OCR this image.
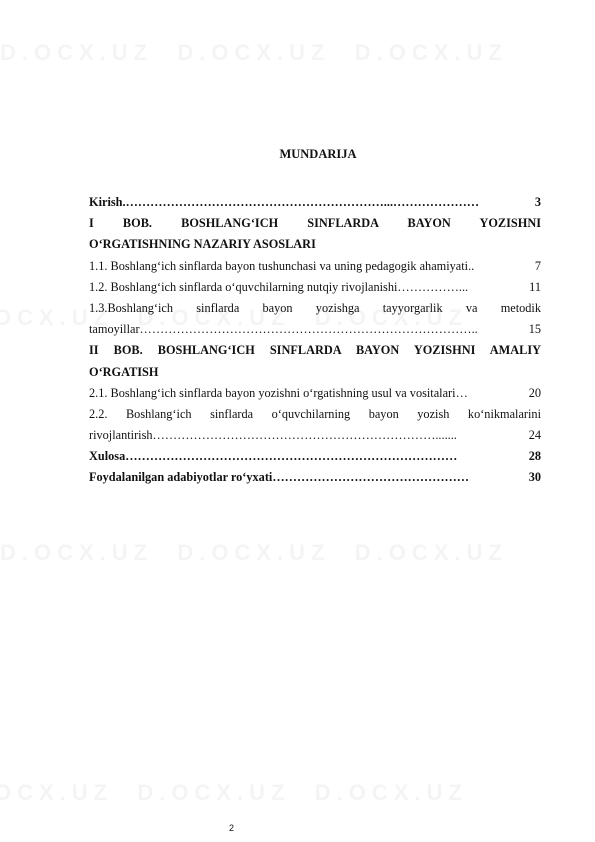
MUNDARIJA
Kirish. ………………………………………………………...…………………	3
I BOB. BOSHLANG‘ICH SINFLARDA BAYON YOZISHNI
O‘RGATISHNING NAZARIY ASOSLARI
1.1. Boshlang‘ich sinflarda bayon tushunchasi va uning pedagogik ahamiyati..	7
1.2. Boshlang‘ich sinflarda o‘quvchilarning nutqiy rivojlanishi ……………...	11
1.3.Boshlang‘ich sinflarda bayon yozishga tayyorgarlik va metodik
tamoyillar ………………………………………………………………………..	15
II BOB. BOSHLANG‘ICH SINFLARDA BAYON YOZISHNI AMALIY
O‘RGATISH
2.1. Boshlang‘ich sinflarda bayon yozishni o‘rgatishning usul va vositalari …	20
2.2. Boshlang‘ich sinflarda o‘quvchilarning bayon yozish ko‘nikmalarini
rivojlantirish …………………………………………………………….......	24
Xulosa ………………………………………………………………………	28
Foydalanilgan adabiyotlar ro‘yxati …………………………………………	30
2
